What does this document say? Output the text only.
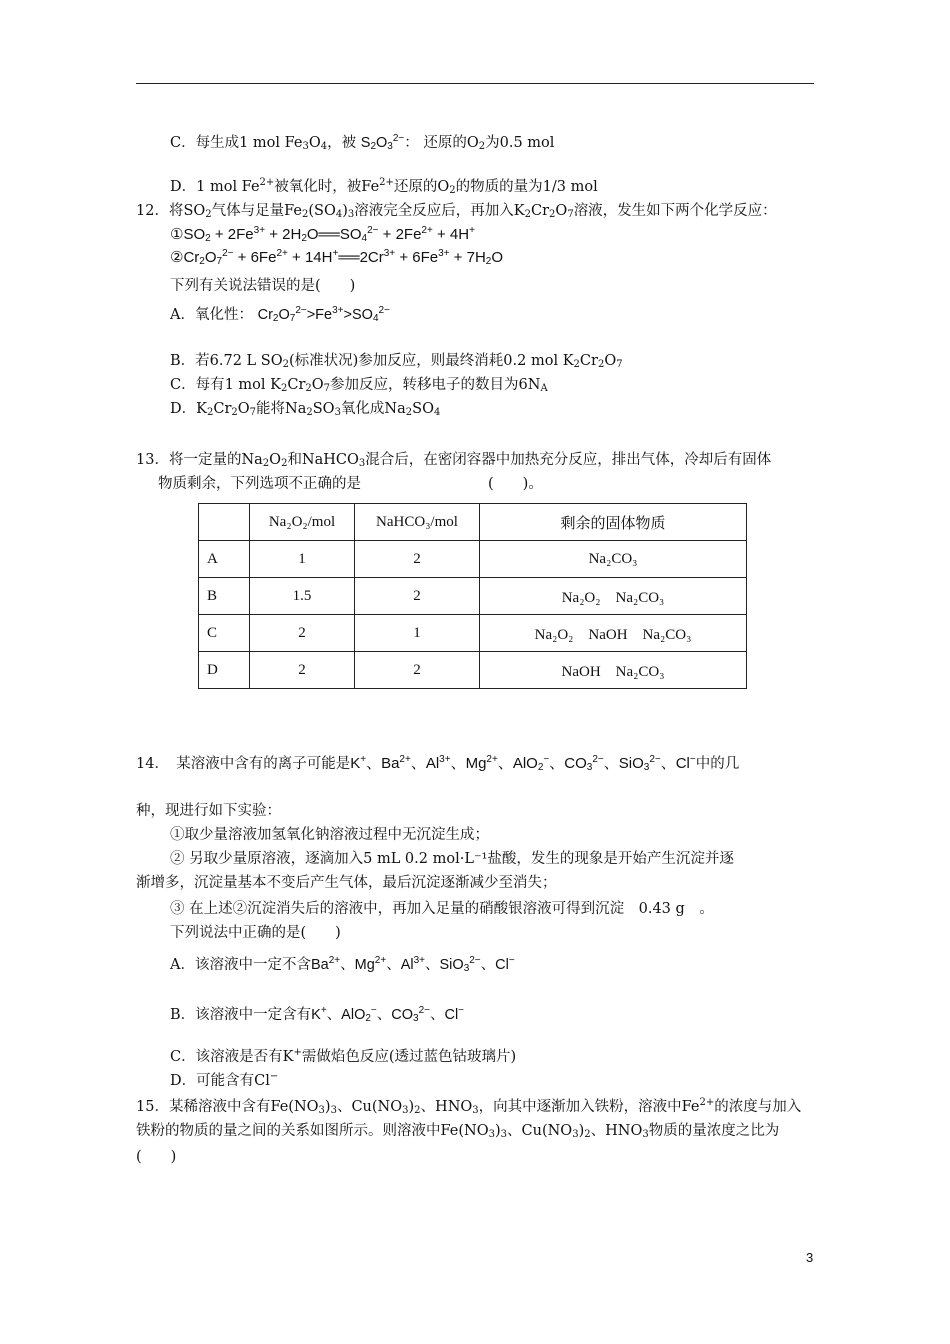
C．每生成1 mol $Fe_3O_4$，被 $S_2O_3^{2-}$： 还原的$O_2$为0.5 mol
D．1 mol $Fe^{2+}$被氧化时，被$Fe^{2+}$还原的$O_2$的物质的量为1/3 mol
12．将$SO_2$气体与足量$Fe_2(SO_4)_3$溶液完全反应后，再加入$K_2Cr_2O_7$溶液，发生如下两个化学反应：
$①SO_2 + 2Fe^{3+}$ + $2H_2O══SO_4^{2-} + 2Fe^{2+} + 4H^+$
$②Cr_2O_7^{2-} + 6Fe^{2+}$ + $14H^+══2Cr^{3+} + 6Fe^{3+} + 7H_2O$
下列有关说法错误的是(　　)
A．氧化性： $Cr_2O_7^{2-}>Fe^{3+}>SO_4^{2-}$
B．若6.72 L $SO_2$(标准状况)参加反应，则最终消耗0.2 mol $K_2Cr_2O_7$
C．每有1 mol $K_2Cr_2O_7$参加反应，转移电子的数目为$6N_A$
D．$K_2Cr_2O_7$能将$Na_2SO_3$氧化成$Na_2SO_4$
13．将一定量的$Na_2O_2$和NaHCO$_3$混合后，在密闭容器中加热充分反应，排出气体，冷却后有固体
物质剩余，下列选项不正确的是	(　　)。
	Na₂O₂/mol	NaHCO₃/mol	剩余的固体物质
A	1	2	Na₂CO₃
B	1.5	2	Na₂O₂　Na₂CO₃
C	2	1	Na₂O₂　NaOH　Na₂CO₃
D	2	2	NaOH　Na₂CO₃
14．　某溶液中含有的离子可能是K+、$Ba^{2+}$、$Al^{3+}$、$Mg^{2+}$、AlO$_2$−、$CO_3^{2-}$、SiO$_3^{2-}$、Cl−中的几
种，现进行如下实验：
①取少量溶液加氢氧化钠溶液过程中无沉淀生成；
② 另取少量原溶液，逐滴加入5 mL 0.2 mol·L⁻¹盐酸，发生的现象是开始产生沉淀并逐
渐增多，沉淀量基本不变后产生气体，最后沉淀逐渐减少至消失；
③ 在上述②沉淀消失后的溶液中，再加入足量的硝酸银溶液可得到沉淀　0.43 g　。
下列说法中正确的是(　　)
A．该溶液中一定不含$Ba^{2+}$、$Mg^{2+}$、$Al^{3+}$、SiO$_3^{2-}$、Cl−
B．该溶液中一定含有K+、AlO$_2$−、$CO_3^{2-}$、Cl−
C．该溶液是否有K+需做焰色反应(透过蓝色钴玻璃片)
D．可能含有Cl−
15．某稀溶液中含有$Fe(NO_3)_3$、$Cu(NO_3)_2$、$HNO_3$，向其中逐渐加入铁粉，溶液中$Fe^{2+}$的浓度与加入
铁粉的物质的量之间的关系如图所示。则溶液中$Fe(NO_3)_3$、$Cu(NO_3)_2$、$HNO_3$物质的量浓度之比为
(　　)
3
